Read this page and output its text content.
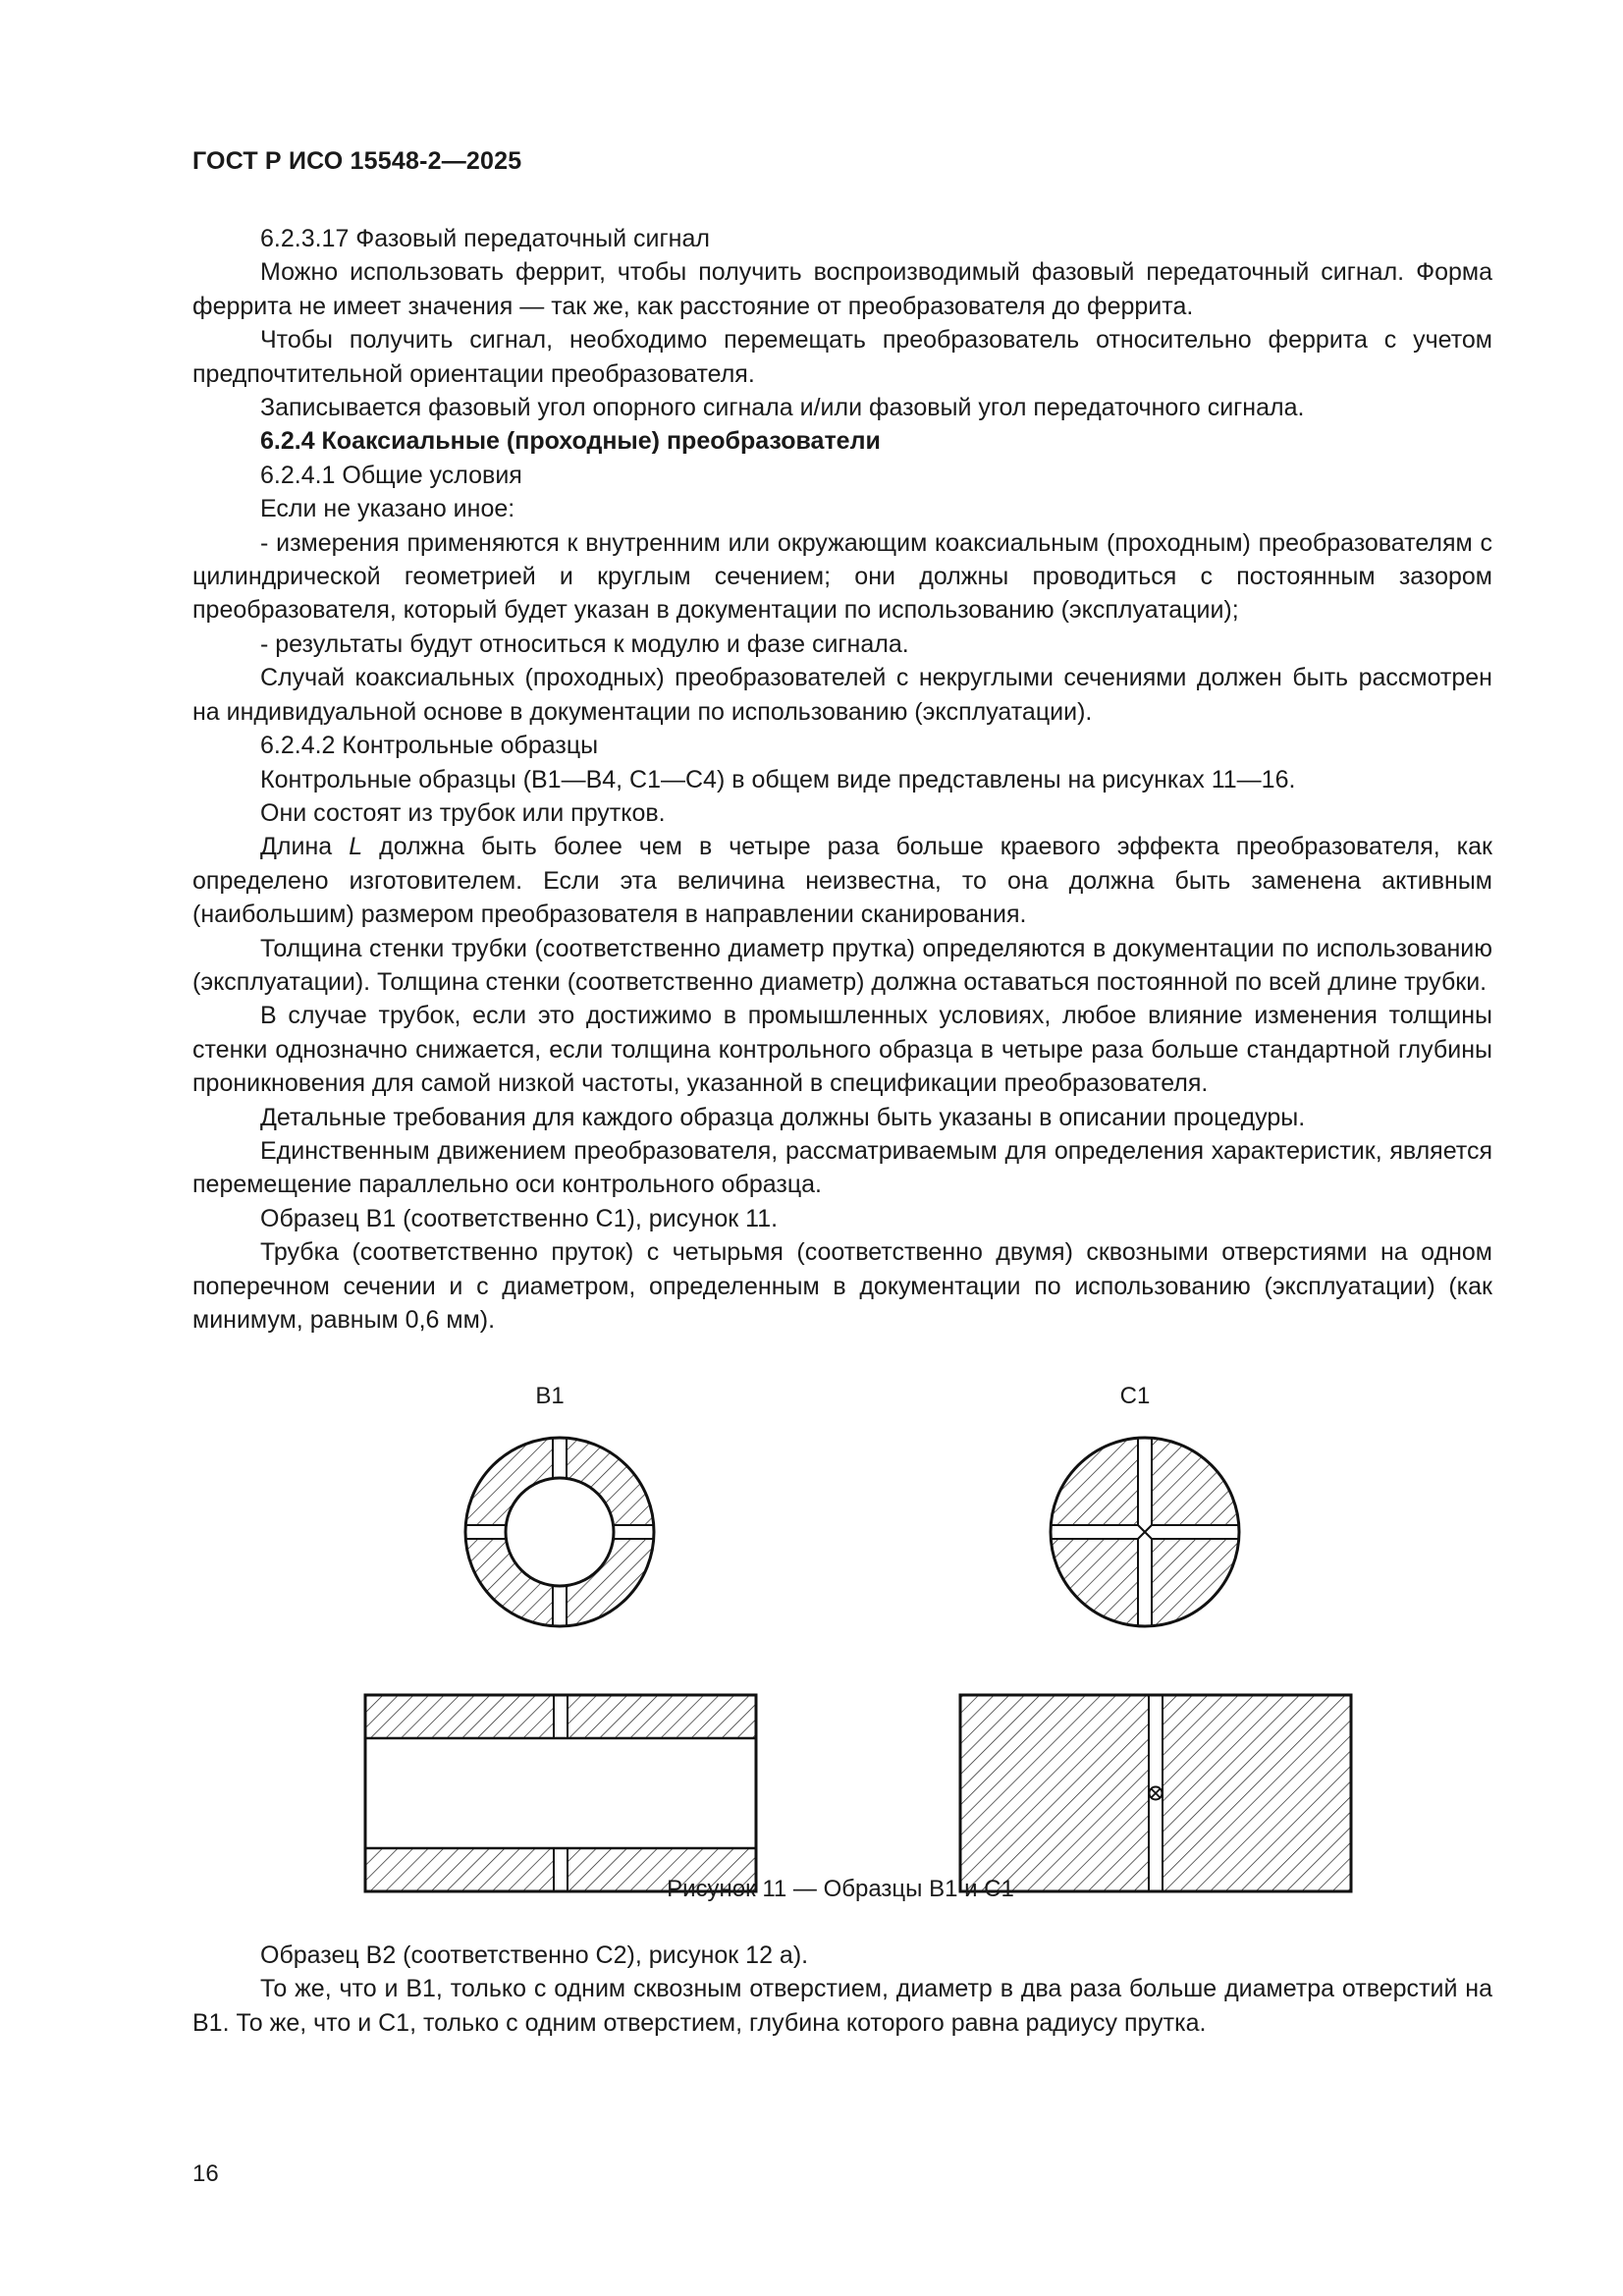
ГОСТ Р ИСО 15548-2—2025

6.2.3.17 Фазовый передаточный сигнал

Можно использовать феррит, чтобы получить воспроизводимый фазовый передаточный сигнал. Форма феррита не имеет значения — так же, как расстояние от преобразователя до феррита.

Чтобы получить сигнал, необходимо перемещать преобразователь относительно феррита с учетом предпочтительной ориентации преобразователя.

Записывается фазовый угол опорного сигнала и/или фазовый угол передаточного сигнала.

6.2.4 Коаксиальные (проходные) преобразователи

6.2.4.1 Общие условия

Если не указано иное:

- измерения применяются к внутренним или окружающим коаксиальным (проходным) преобразователям с цилиндрической геометрией и круглым сечением; они должны проводиться с постоянным зазором преобразователя, который будет указан в документации по использованию (эксплуатации);

- результаты будут относиться к модулю и фазе сигнала.

Случай коаксиальных (проходных) преобразователей с некруглыми сечениями должен быть рассмотрен на индивидуальной основе в документации по использованию (эксплуатации).

6.2.4.2 Контрольные образцы

Контрольные образцы (В1—В4, С1—С4) в общем виде представлены на рисунках 11—16.

Они состоят из трубок или прутков.

Длина L должна быть более чем в четыре раза больше краевого эффекта преобразователя, как определено изготовителем. Если эта величина неизвестна, то она должна быть заменена активным (наибольшим) размером преобразователя в направлении сканирования.

Толщина стенки трубки (соответственно диаметр прутка) определяются в документации по использованию (эксплуатации). Толщина стенки (соответственно диаметр) должна оставаться постоянной по всей длине трубки.

В случае трубок, если это достижимо в промышленных условиях, любое влияние изменения толщины стенки однозначно снижается, если толщина контрольного образца в четыре раза больше стандартной глубины проникновения для самой низкой частоты, указанной в спецификации преобразователя.

Детальные требования для каждого образца должны быть указаны в описании процедуры.

Единственным движением преобразователя, рассматриваемым для определения характеристик, является перемещение параллельно оси контрольного образца.

Образец В1 (соответственно С1), рисунок 11.

Трубка (соответственно пруток) с четырьмя (соответственно двумя) сквозными отверстиями на одном поперечном сечении и с диаметром, определенным в документации по использованию (эксплуатации) (как минимум, равным 0,6 мм).

В1	С1
Рисунок 11 — Образцы В1 и С1

Образец В2 (соответственно С2), рисунок 12 а).

То же, что и В1, только с одним сквозным отверстием, диаметр в два раза больше диаметра отверстий на В1. То же, что и С1, только с одним отверстием, глубина которого равна радиусу прутка.

16
